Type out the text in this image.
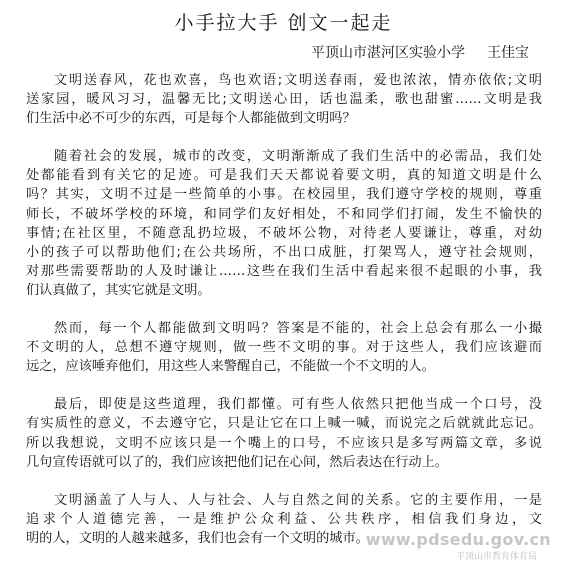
小手拉大手 创文一起走
平顶山市湛河区实验小学 王佳宝

文明送春风，花也欢喜，鸟也欢语;文明送春雨，爱也浓浓，情亦依依;文明
送家园，暖风习习，温馨无比;文明送心田，话也温柔，歌也甜蜜……文明是我
们生活中必不可少的东西，可是每个人都能做到文明吗？

随着社会的发展，城市的改变，文明渐渐成了我们生活中的必需品，我们处
处都能看到有关它的足迹。可是我们天天都说着要文明，真的知道文明是什么
吗？其实，文明不过是一些简单的小事。在校园里，我们遵守学校的规则，尊重
师长，不破坏学校的环境，和同学们友好相处，不和同学们打闹，发生不愉快的
事情;在社区里，不随意乱扔垃圾，不破坏公物，对待老人要谦让，尊重，对幼
小的孩子可以帮助他们;在公共场所，不出口成脏，打架骂人，遵守社会规则，
对那些需要帮助的人及时谦让……这些在我们生活中看起来很不起眼的小事，我
们认真做了，其实它就是文明。

然而，每一个人都能做到文明吗？答案是不能的，社会上总会有那么一小撮
不文明的人，总想不遵守规则，做一些不文明的事。对于这些人，我们应该避而
远之，应该唾弃他们，用这些人来警醒自己，不能做一个不文明的人。

最后，即使是这些道理，我们都懂。可有些人依然只把他当成一个口号，没
有实质性的意义，不去遵守它，只是让它在口上喊一喊，而说完之后就就此忘记。
所以我想说，文明不应该只是一个嘴上的口号，不应该只是多写两篇文章，多说
几句宣传语就可以了的，我们应该把他们记在心间，然后表达在行动上。

文明涵盖了人与人、人与社会、人与自然之间的关系。它的主要作用，一是
追求个人道德完善，一是维护公众利益、公共秩序，相信我们身边，文
明的人，文明的人越来越多，我们也会有一个文明的城市。

www.pdsedu.gov.cn
平顶山市教育体育局
